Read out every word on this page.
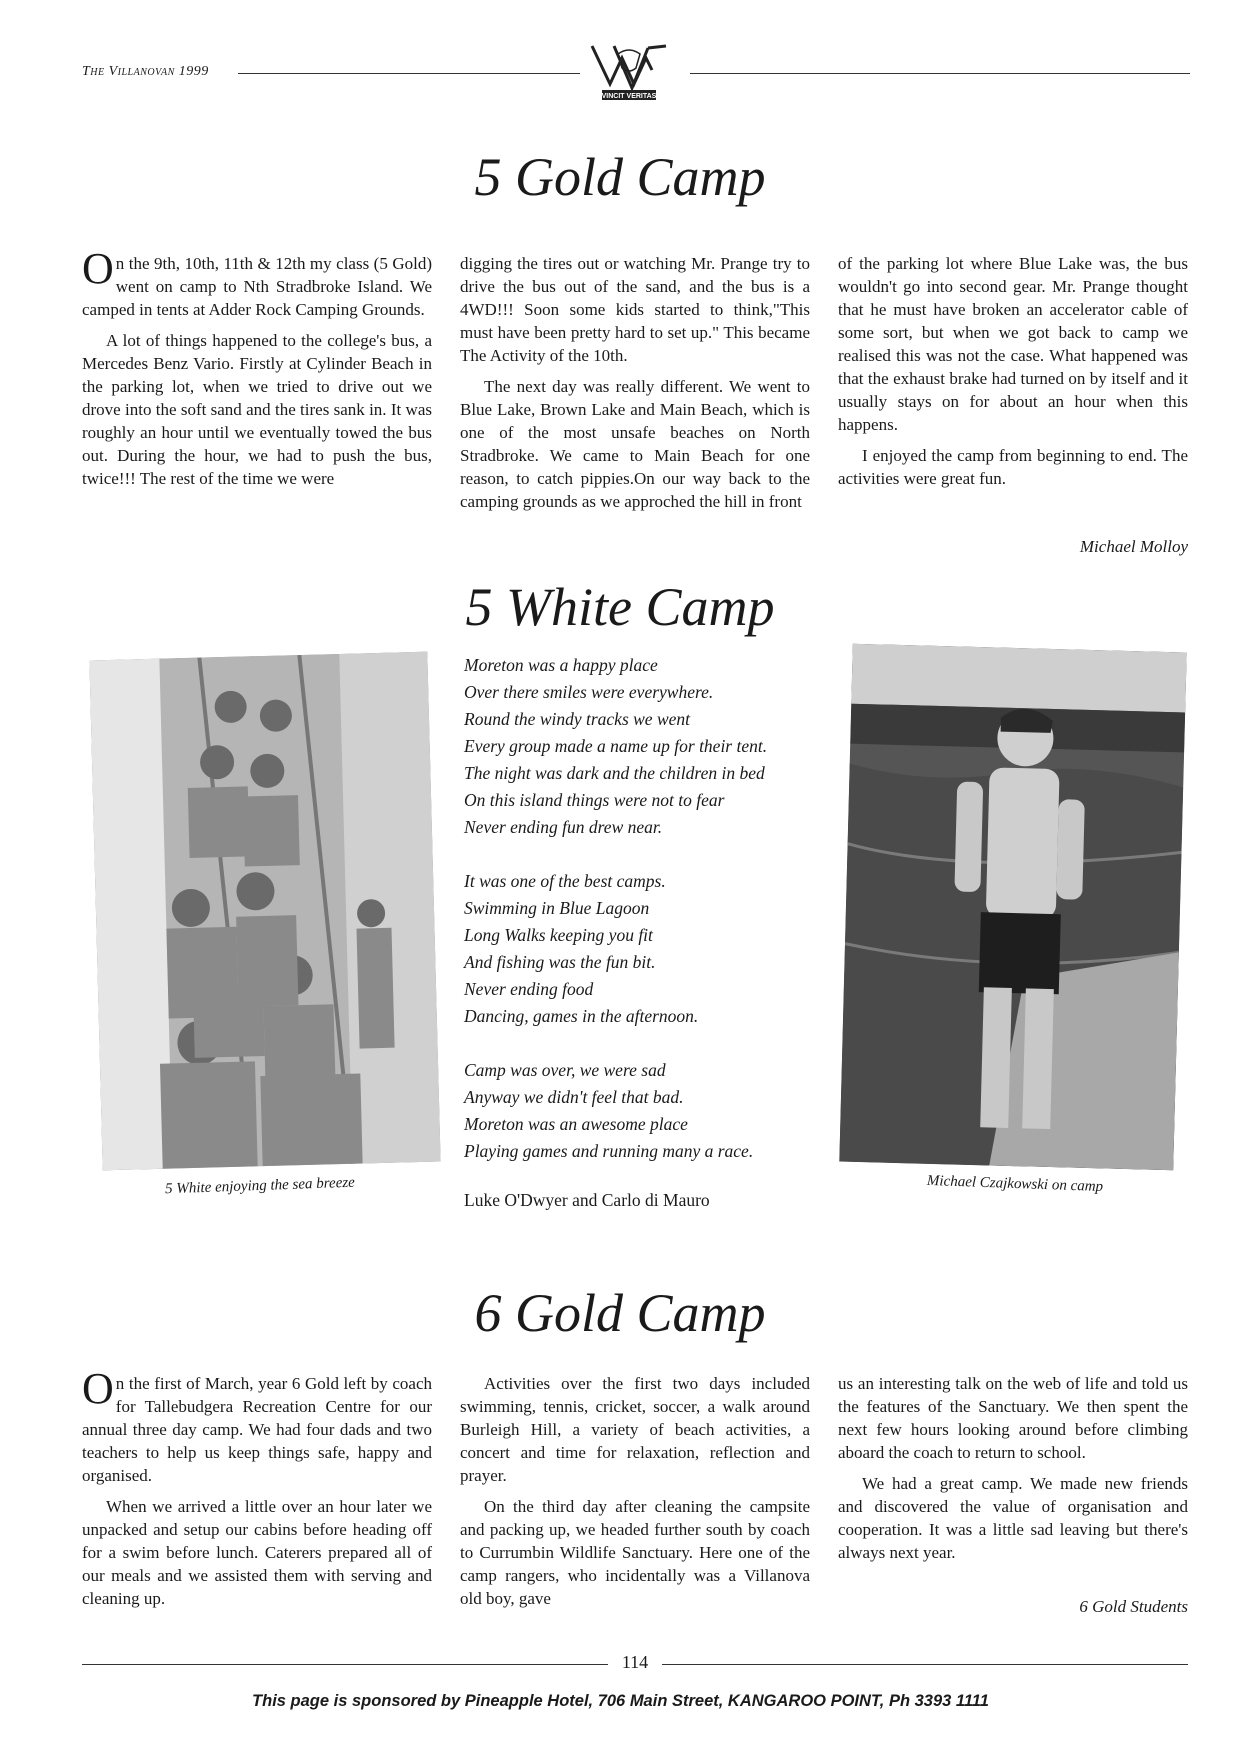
The Villanovan 1999
VINCIT VERITAS
5 Gold Camp

On the 9th, 10th, 11th & 12th my class (5 Gold) went on camp to Nth Stradbroke Island. We camped in tents at Adder Rock Camping Grounds.

A lot of things happened to the college's bus, a Mercedes Benz Vario. Firstly at Cylinder Beach in the parking lot, when we tried to drive out we drove into the soft sand and the tires sank in. It was roughly an hour until we eventually towed the bus out. During the hour, we had to push the bus, twice!!! The rest of the time we were

digging the tires out or watching Mr. Prange try to drive the bus out of the sand, and the bus is a 4WD!!! Soon some kids started to think,"This must have been pretty hard to set up." This became The Activity of the 10th.

The next day was really different. We went to Blue Lake, Brown Lake and Main Beach, which is one of the most unsafe beaches on North Stradbroke. We came to Main Beach for one reason, to catch pippies.On our way back to the camping grounds as we approched the hill in front

of the parking lot where Blue Lake was, the bus wouldn't go into second gear. Mr. Prange thought that he must have broken an accelerator cable of some sort, but when we got back to camp we realised this was not the case. What happened was that the exhaust brake had turned on by itself and it usually stays on for about an hour when this happens.

I enjoyed the camp from beginning to end. The activities were great fun.

Michael Molloy
5 White Camp
5 White enjoying the sea breeze
Moreton was a happy place
Over there smiles were everywhere.
Round the windy tracks we went
Every group made a name up for their tent.
The night was dark and the children in bed
On this island things were not to fear
Never ending fun drew near.
It was one of the best camps.
Swimming in Blue Lagoon
Long Walks keeping you fit
And fishing was the fun bit.
Never ending food
Dancing, games in the afternoon.
Camp was over, we were sad
Anyway we didn't feel that bad.
Moreton was an awesome place
Playing games and running many a race.
Luke O'Dwyer and Carlo di Mauro
Michael Czajkowski on camp
6 Gold Camp

On the first of March, year 6 Gold left by coach for Tallebudgera Recreation Centre for our annual three day camp. We had four dads and two teachers to help us keep things safe, happy and organised.

When we arrived a little over an hour later we unpacked and setup our cabins before heading off for a swim before lunch. Caterers prepared all of our meals and we assisted them with serving and cleaning up.

Activities over the first two days included swimming, tennis, cricket, soccer, a walk around Burleigh Hill, a variety of beach activities, a concert and time for relaxation, reflection and prayer.

On the third day after cleaning the campsite and packing up, we headed further south by coach to Currumbin Wildlife Sanctuary. Here one of the camp rangers, who incidentally was a Villanova old boy, gave

us an interesting talk on the web of life and told us the features of the Sanctuary. We then spent the next few hours looking around before climbing aboard the coach to return to school.

We had a great camp. We made new friends and discovered the value of organisation and cooperation. It was a little sad leaving but there's always next year.

6 Gold Students
114
This page is sponsored by Pineapple Hotel, 706 Main Street, KANGAROO POINT, Ph 3393 1111
